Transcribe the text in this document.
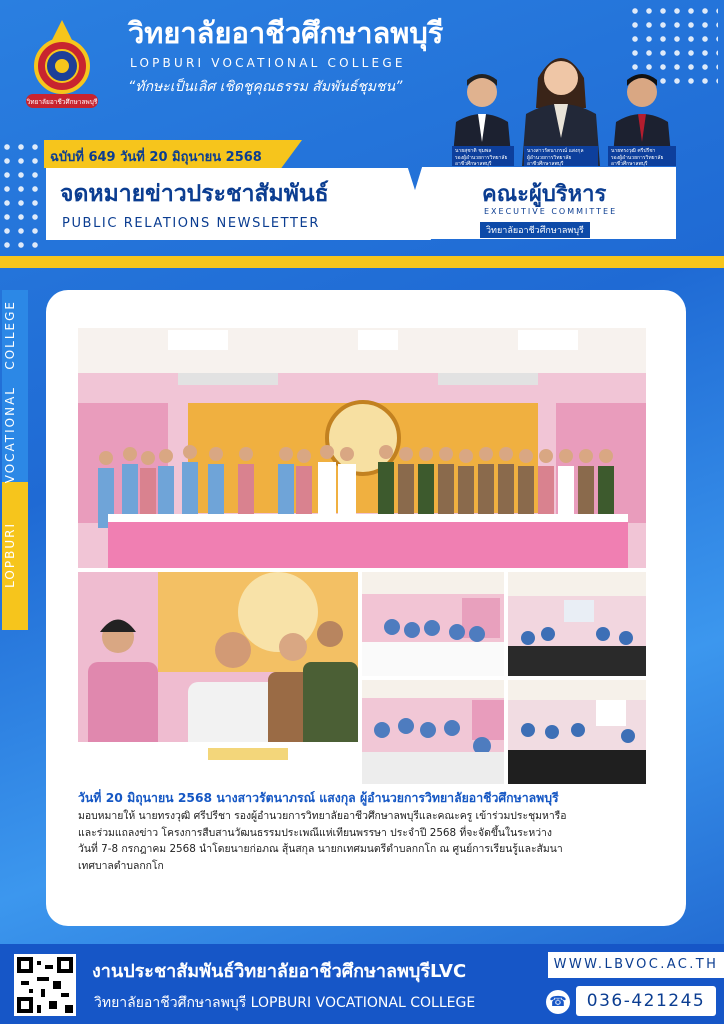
วิทยาลัยอาชีวศึกษาลพบุรี
วิทยาลัยอาชีวศึกษาลพบุรี
LOPBURI VOCATIONAL COLLEGE
“ทักษะเป็นเลิศ เชิดชูคุณธรรม สัมพันธ์ชุมชน”
นายสุชาติ ชุมพล
รองผู้อำนวยการวิทยาลัยอาชีวศึกษาลพบุรี
นางสาวรัตนาภรณ์ แสงกุล
ผู้อำนวยการวิทยาลัยอาชีวศึกษาลพบุรี
นายทรงวุฒิ ศรีปรีชา
รองผู้อำนวยการวิทยาลัยอาชีวศึกษาลพบุรี
ฉบับที่ 649 วันที่ 20 มิถุนายน 2568
จดหมายข่าวประชาสัมพันธ์
PUBLIC RELATIONS NEWSLETTER
คณะผู้บริหาร
EXECUTIVE COMMITTEE
วิทยาลัยอาชีวศึกษาลพบุรี
COLLEGE
VOCATIONAL
LOPBURI
วันที่ 20 มิถุนายน 2568 นางสาวรัตนาภรณ์ แสงกุล ผู้อำนวยการวิทยาลัยอาชีวศึกษาลพบุรี
มอบหมายให้ นายทรงวุฒิ ศรีปรีชา รองผู้อำนวยการวิทยาลัยอาชีวศึกษาลพบุรีและคณะครู เข้าร่วมประชุมหารือ
และร่วมแถลงข่าว โครงการสืบสานวัฒนธรรมประเพณีแห่เทียนพรรษา ประจำปี 2568 ที่จะจัดขึ้นในระหว่าง
วันที่ 7-8 กรกฎาคม 2568 นำโดยนายก่อภณ สุ้นสกุล นายกเทศมนตรีตำบลกกโก ณ ศูนย์การเรียนรู้และสัมนา
เทศบาลตำบลกกโก
งานประชาสัมพันธ์วิทยาลัยอาชีวศึกษาลพบุรีLVC
วิทยาลัยอาชีวศึกษาลพบุรี LOPBURI VOCATIONAL COLLEGE
WWW.LBVOC.AC.TH
☎	036-421245
